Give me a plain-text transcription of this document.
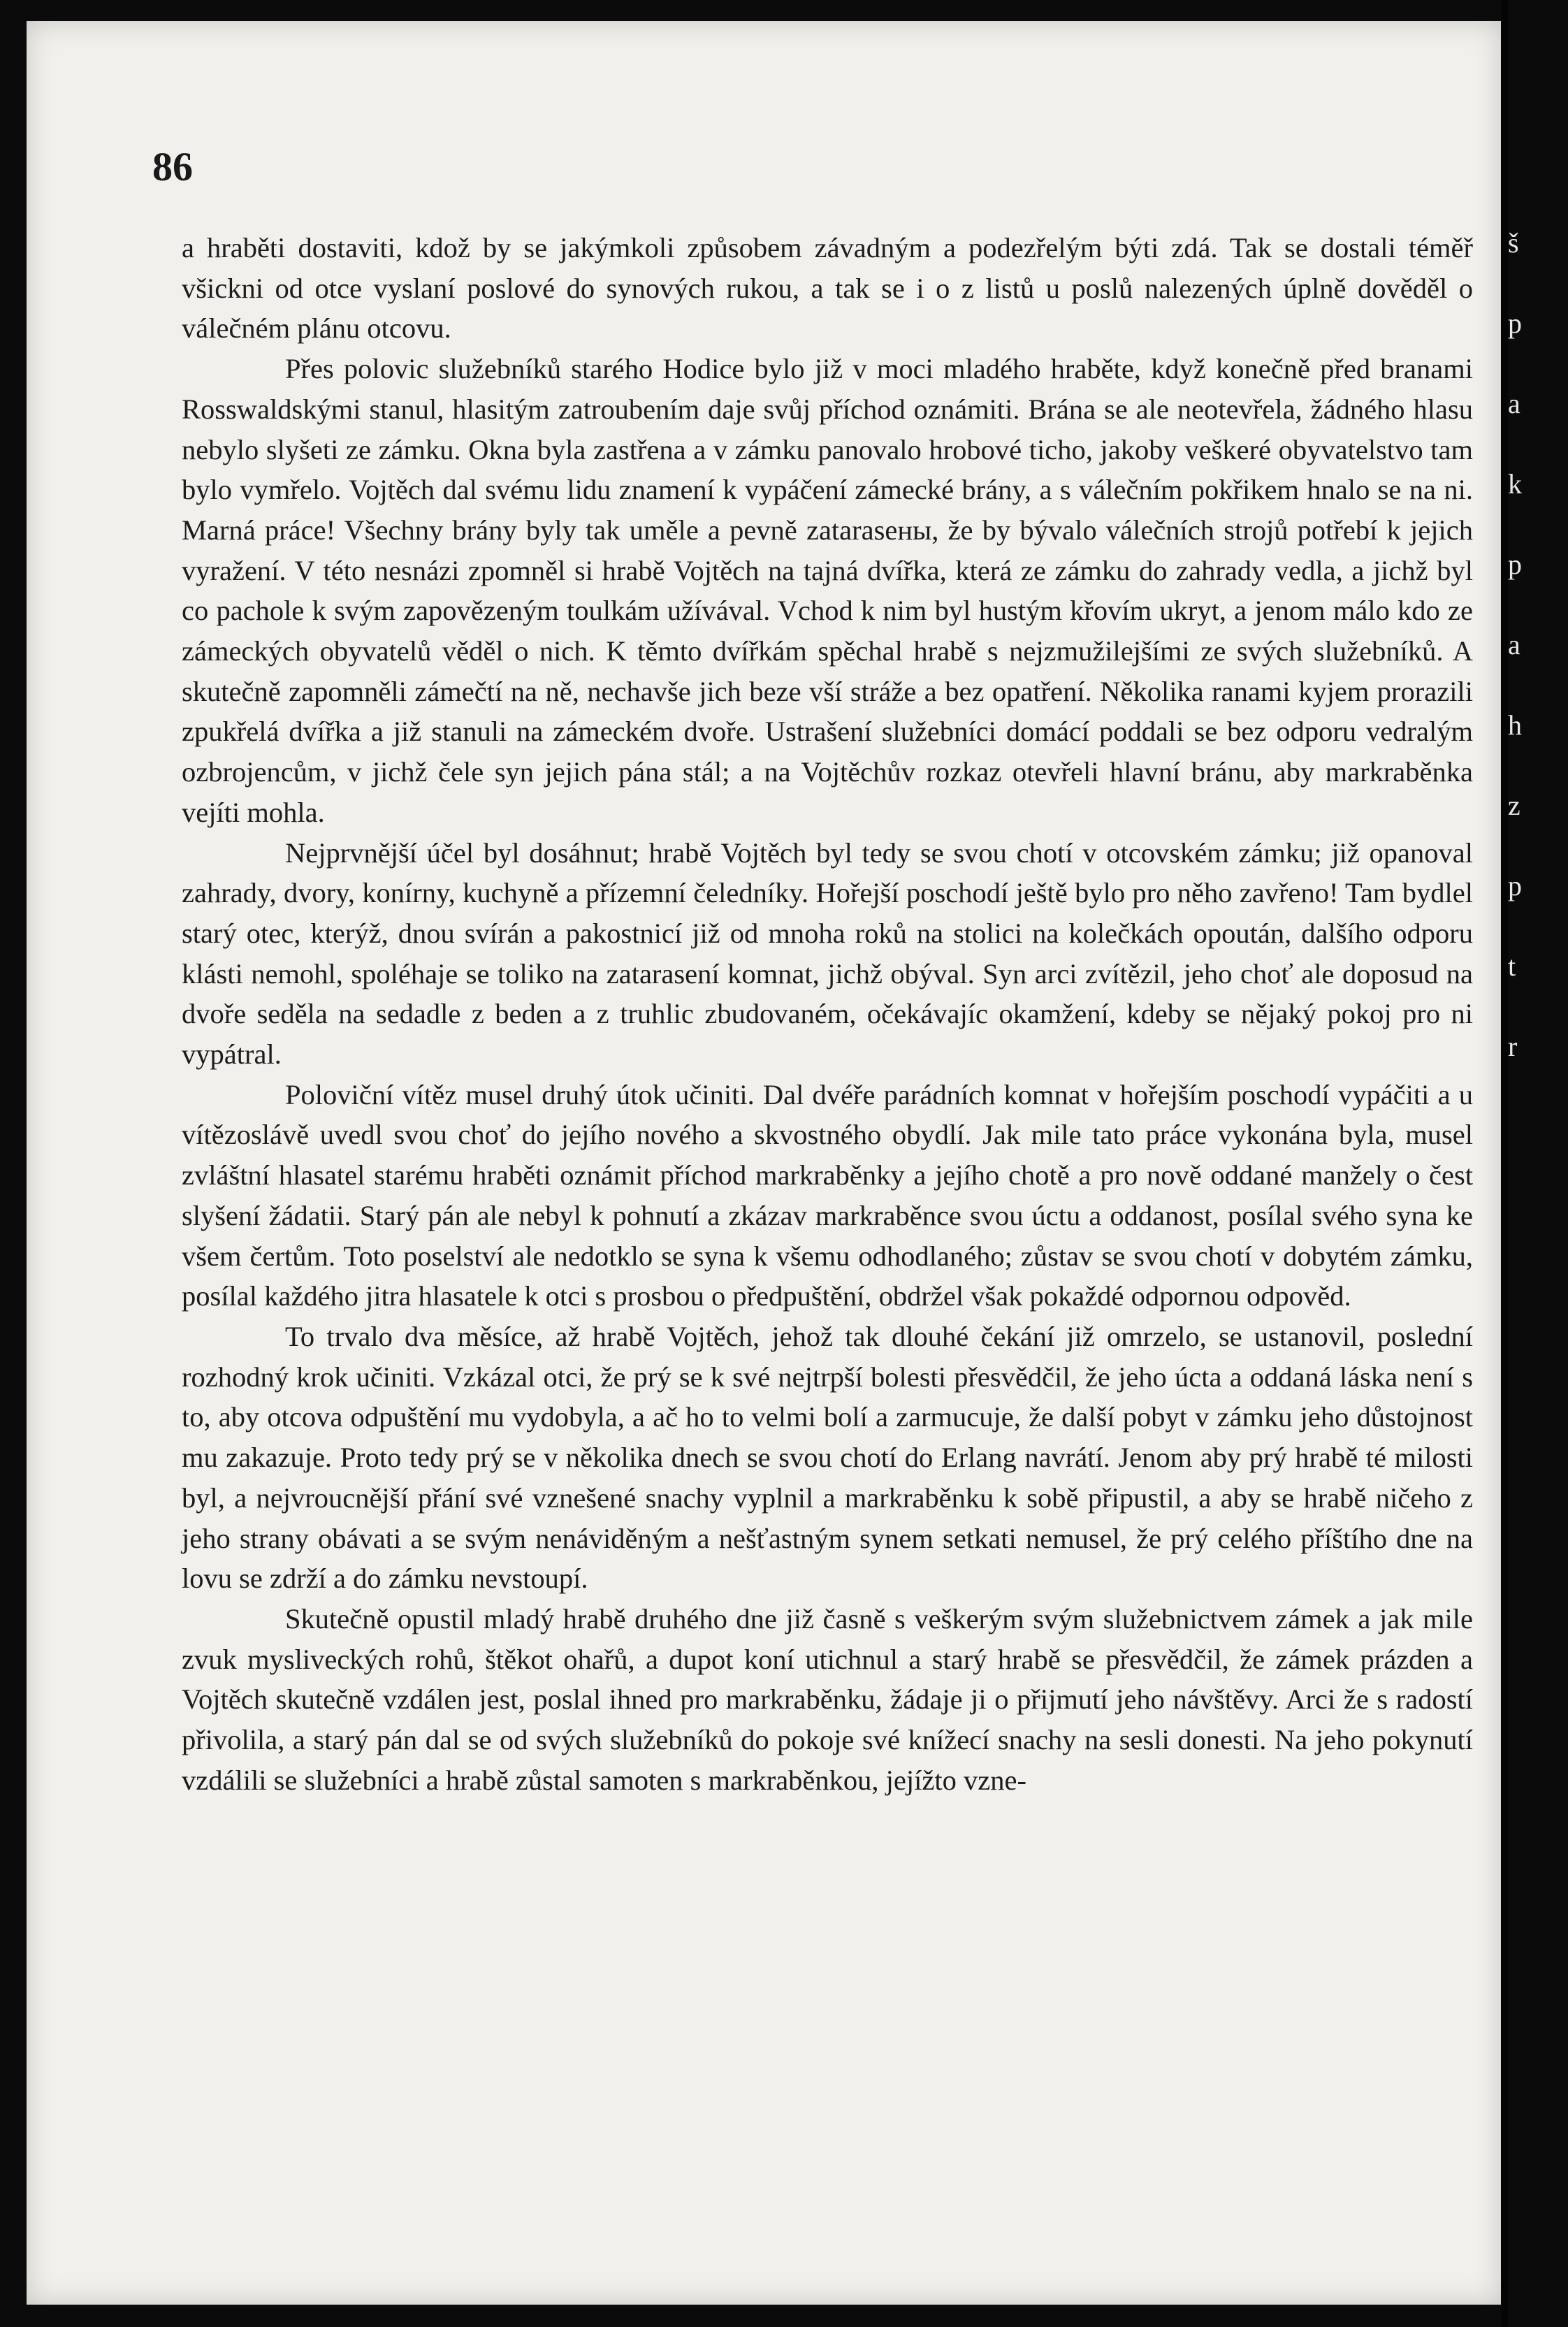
86

a hraběti dostaviti, kdož by se jakýmkoli způsobem závadným a podezřelým býti zdá. Tak se dostali téměř všickni od otce vyslaní poslové do synových rukou, a tak se i o z listů u poslů nalezených úplně dověděl o válečném plánu otcovu.

Přes polovic služebníků starého Hodice bylo již v moci mladého hraběte, když konečně před branami Rosswaldskými stanul, hlasitým zatroubením daje svůj příchod oznámiti. Brána se ale neotevřela, žádného hlasu nebylo slyšeti ze zámku. Okna byla zastřena a v zámku panovalo hrobové ticho, jakoby veškeré obyvatelstvo tam bylo vymřelo. Vojtěch dal svému lidu znamení k vypáčení zámecké brány, a s válečním pokřikem hnalo se na ni. Marná práce! Všechny brány byly tak uměle a pevně zatarasены, že by bývalo válečních strojů potřebí k jejich vyražení. V této nesnázi zpomněl si hrabě Vojtěch na tajná dvířka, která ze zámku do zahrady vedla, a jichž byl co pachole k svým zapovězeným toulkám užívával. Vchod k nim byl hustým křovím ukryt, a jenom málo kdo ze zámeckých obyvatelů věděl o nich. K těmto dvířkám spěchal hrabě s nejzmužilejšími ze svých služebníků. A skutečně zapomněli zámečtí na ně, nechavše jich beze vší stráže a bez opatření. Několika ranami kyjem prorazili zpukřelá dvířka a již stanuli na zámeckém dvoře. Ustrašení služebníci domácí poddali se bez odporu vedralým ozbrojencům, v jichž čele syn jejich pána stál; a na Vojtěchův rozkaz otevřeli hlavní bránu, aby markraběnka vejíti mohla.

Nejprvnější účel byl dosáhnut; hrabě Vojtěch byl tedy se svou chotí v otcovském zámku; již opanoval zahrady, dvory, konírny, kuchyně a přízemní čeledníky. Hořejší poschodí ještě bylo pro něho zavřeno! Tam bydlel starý otec, kterýž, dnou svírán a pakostnicí již od mnoha roků na stolici na kolečkách opoután, dalšího odporu klásti nemohl, spoléhaje se toliko na zatarasení komnat, jichž obýval. Syn arci zvítězil, jeho choť ale doposud na dvoře seděla na sedadle z beden a z truhlic zbudovaném, očekávajíc okamžení, kdeby se nějaký pokoj pro ni vypátral.

Poloviční vítěz musel druhý útok učiniti. Dal dvéře parádních komnat v hořejším poschodí vypáčiti a u vítězoslávě uvedl svou choť do jejího nového a skvostného obydlí. Jak mile tato práce vykonána byla, musel zvláštní hlasatel starému hraběti oznámit příchod markraběnky a jejího chotě a pro nově oddané manžely o čest slyšení žádatii. Starý pán ale nebyl k pohnutí a zkázav markraběnce svou úctu a oddanost, posílal svého syna ke všem čertům. Toto poselství ale nedotklo se syna k všemu odhodlaného; zůstav se svou chotí v dobytém zámku, posílal každého jitra hlasatele k otci s prosbou o předpuštění, obdržel však pokaždé odpornou odpověd.

To trvalo dva měsíce, až hrabě Vojtěch, jehož tak dlouhé čekání již omrzelo, se ustanovil, poslední rozhodný krok učiniti. Vzkázal otci, že prý se k své nejtrpší bolesti přesvědčil, že jeho úcta a oddaná láska není s to, aby otcova odpuštění mu vydobyla, a ač ho to velmi bolí a zarmucuje, že další pobyt v zámku jeho důstojnost mu zakazuje. Proto tedy prý se v několika dnech se svou chotí do Erlang navrátí. Jenom aby prý hrabě té milosti byl, a nejvroucnější přání své vznešené snachy vyplnil a markraběnku k sobě připustil, a aby se hrabě ničeho z jeho strany obávati a se svým nenáviděným a nešťastným synem setkati nemusel, že prý celého příštího dne na lovu se zdrží a do zámku nevstoupí.

Skutečně opustil mladý hrabě druhého dne již časně s veškerým svým služebnictvem zámek a jak mile zvuk mysliveckých rohů, štěkot ohařů, a dupot koní utichnul a starý hrabě se přesvědčil, že zámek prázden a Vojtěch skutečně vzdálen jest, poslal ihned pro markraběnku, žádaje ji o přijmutí jeho návštěvy. Arci že s radostí přivolila, a starý pán dal se od svých služebníků do pokoje své knížecí snachy na sesli donesti. Na jeho pokynutí vzdálili se služebníci a hrabě zůstal samoten s markraběnkou, jejížto vzne-

š
p
a
k
p
a
h
z
p
t
r
